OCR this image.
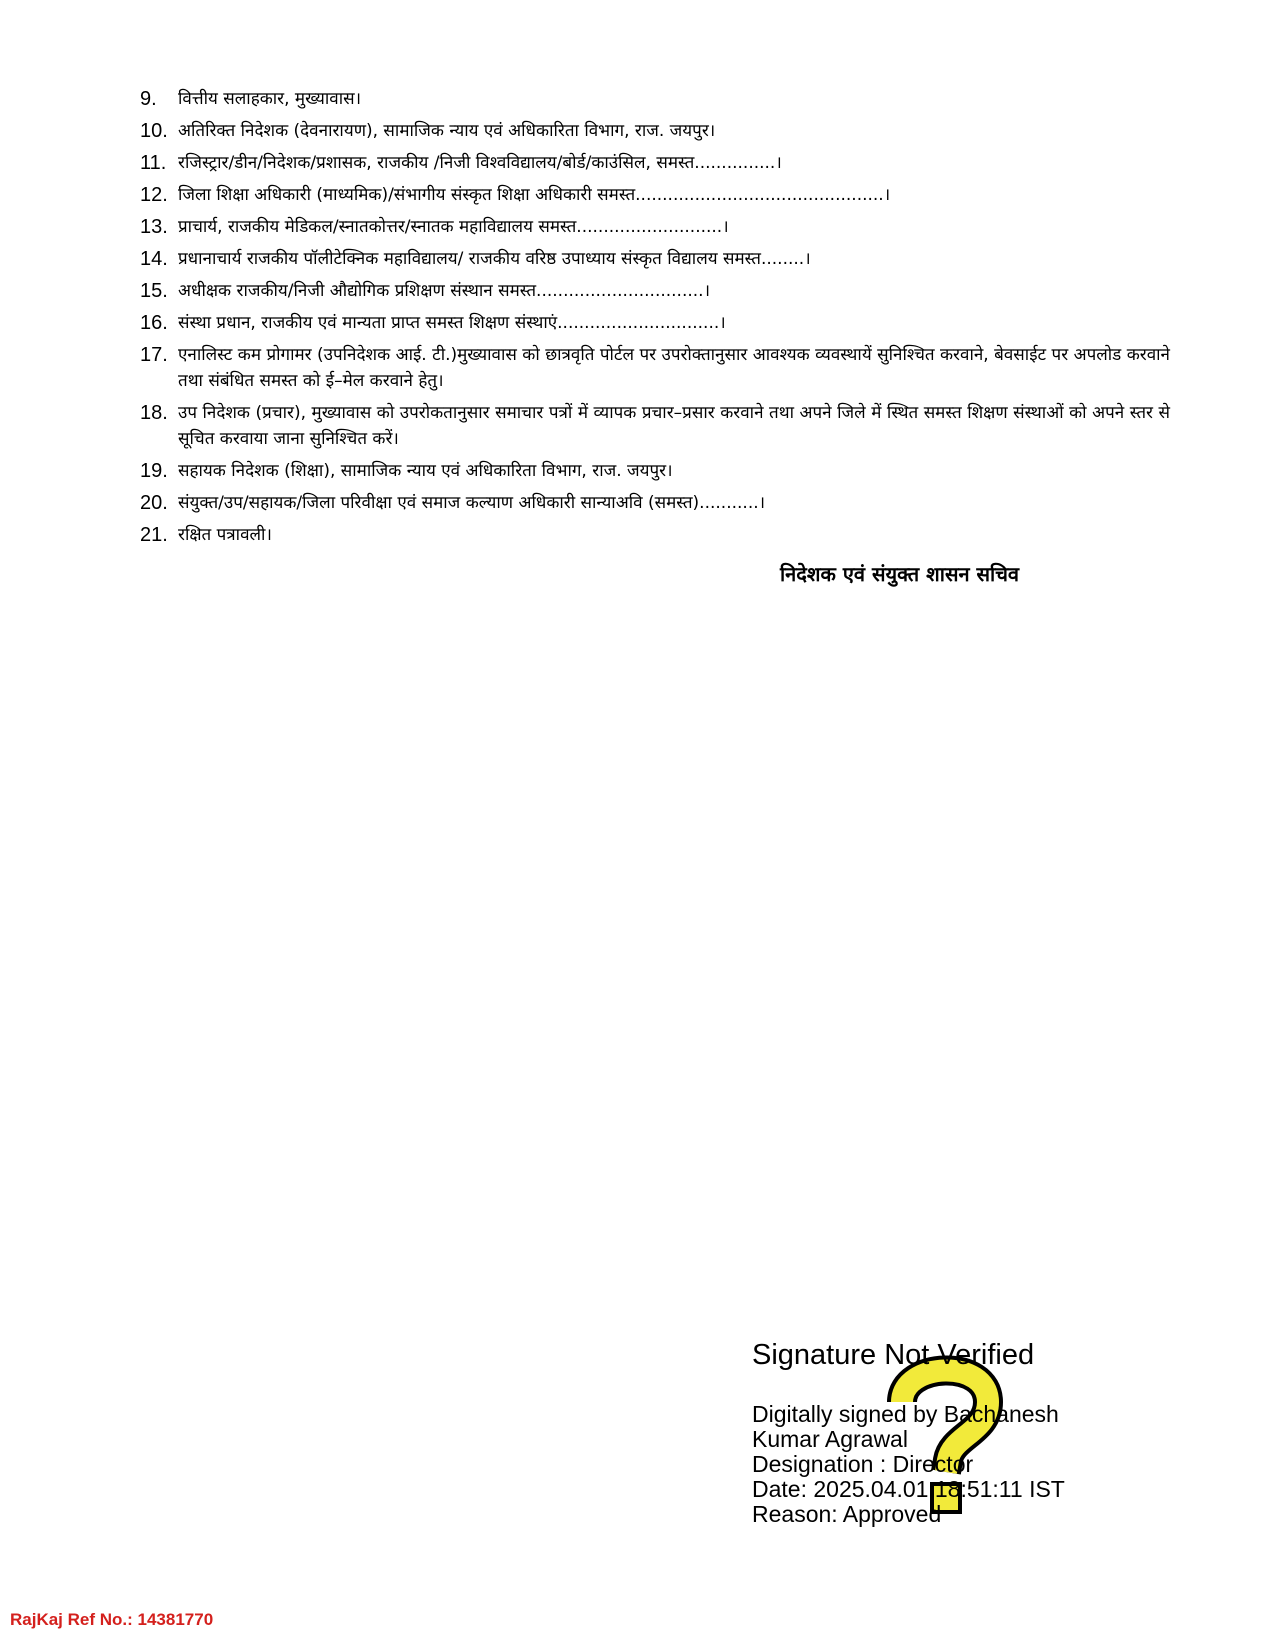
9.	वित्तीय सलाहकार, मुख्यावास।
10. अतिरिक्त निदेशक (देवनारायण), सामाजिक न्याय एवं अधिकारिता विभाग, राज. जयपुर।
11. रजिस्ट्रार/डीन/निदेशक/प्रशासक, राजकीय /निजी विश्वविद्यालय/बोर्ड/काउंसिल, समस्त...............।
12. जिला शिक्षा अधिकारी (माध्यमिक)/संभागीय संस्कृत शिक्षा अधिकारी समस्त..............................................।
13. प्राचार्य, राजकीय मेडिकल/स्नातकोत्तर/स्नातक महाविद्यालय समस्त...........................।
14. प्रधानाचार्य राजकीय पॉलीटेक्निक महाविद्यालय/ राजकीय वरिष्ठ उपाध्याय संस्कृत विद्यालय समस्त........।
15. अधीक्षक राजकीय/निजी औद्योगिक प्रशिक्षण संस्थान समस्त...............................।
16. संस्था प्रधान, राजकीय एवं मान्यता प्राप्त समस्त शिक्षण संस्थाएं..............................।
17. एनालिस्ट कम प्रोगामर (उपनिदेशक आई. टी.)मुख्यावास को छात्रवृति पोर्टल पर उपरोक्तानुसार आवश्यक व्यवस्थायें सुनिश्चित करवाने, बेवसाईट पर अपलोड करवाने तथा संबंधित समस्त को ई–मेल करवाने हेतु।
18. उप निदेशक (प्रचार), मुख्यावास को उपरोकतानुसार समाचार पत्रों में व्यापक प्रचार–प्रसार करवाने तथा अपने जिले में स्थित समस्त शिक्षण संस्थाओं को अपने स्तर से सूचित करवाया जाना सुनिश्चित करें।
19. सहायक निदेशक (शिक्षा), सामाजिक न्याय एवं अधिकारिता विभाग, राज. जयपुर।
20. संयुक्त/उप/सहायक/जिला परिवीक्षा एवं समाज कल्याण अधिकारी सान्याअवि (समस्त)...........।
21. रक्षित पत्रावली।
निदेशक एवं संयुक्त शासन सचिव
Signature Not Verified
Digitally signed by Bachanesh
Kumar Agrawal
Designation : Director
Date: 2025.04.01 18:51:11 IST
Reason: Approved
RajKaj Ref No.: 14381770
